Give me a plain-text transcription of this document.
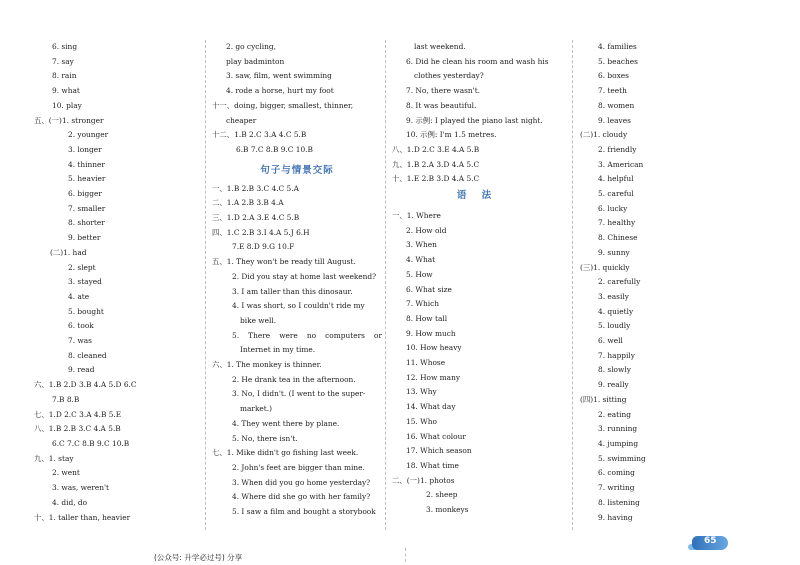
6. sing
7. say
8. rain
9. what
10. play
五、(一)1. stronger
2. younger
3. longer
4. thinner
5. heavier
6. bigger
7. smaller
8. shorter
9. better
(二)1. had
2. slept
3. stayed
4. ate
5. bought
6. took
7. was
8. cleaned
9. read
六、1.B 2.D 3.B 4.A 5.D 6.C
7.B 8.B
七、1.D 2.C 3.A 4.B 5.E
八、1.B 2.B 3.C 4.A 5.B
6.C 7.C 8.B 9.C 10.B
九、1. stay
2. went
3. was, weren't
4. did, do
十、1. taller than, heavier
2. go cycling,
play badminton
3. saw, film, went swimming
4. rode a horse, hurt my foot
十一、doing, bigger, smallest, thinner,
cheaper
十二、1.B 2.C 3.A 4.C 5.B
6.B 7.C 8.B 9.C 10.B
句子与情景交际
一、1.B 2.B 3.C 4.C 5.A
二、1.A 2.B 3.B 4.A
三、1.D 2.A 3.E 4.C 5.B
四、1.C 2.B 3.I 4.A 5.J 6.H
7.E 8.D 9.G 10.F
五、1. They won't be ready till August.
2. Did you stay at home last weekend?
3. I am taller than this dinosaur.
4. I was short, so I couldn't ride my
bike well.
5. There were no computers or
Internet in my time.
六、1. The monkey is thinner.
2. He drank tea in the afternoon.
3. No, I didn't. (I went to the super-
market.)
4. They went there by plane.
5. No, there isn't.
七、1. Mike didn't go fishing last week.
2. John's feet are bigger than mine.
3. When did you go home yesterday?
4. Where did she go with her family?
5. I saw a film and bought a storybook
last weekend.
6. Did he clean his room and wash his
clothes yesterday?
7. No, there wasn't.
8. It was beautiful.
9. 示例: I played the piano last night.
10. 示例: I'm 1.5 metres.
八、1.D 2.C 3.E 4.A 5.B
九、1.B 2.A 3.D 4.A 5.C
十、1.E 2.B 3.D 4.A 5.C
语 法
一、1. Where
2. How old
3. When
4. What
5. How
6. What size
7. Which
8. How tall
9. How much
10. How heavy
11. Whose
12. How many
13. Why
14. What day
15. Who
16. What colour
17. Which season
18. What time
二、(一)1. photos
2. sheep
3. monkeys
4. families
5. beaches
6. boxes
7. teeth
8. women
9. leaves
(二)1. cloudy
2. friendly
3. American
4. helpful
5. careful
6. lucky
7. healthy
8. Chinese
9. sunny
(三)1. quickly
2. carefully
3. easily
4. quietly
5. loudly
6. well
7. happily
8. slowly
9. really
(四)1. sitting
2. eating
3. running
4. jumping
5. swimming
6. coming
7. writing
8. listening
9. having
(公众号: 升学必过号) 分享
65
